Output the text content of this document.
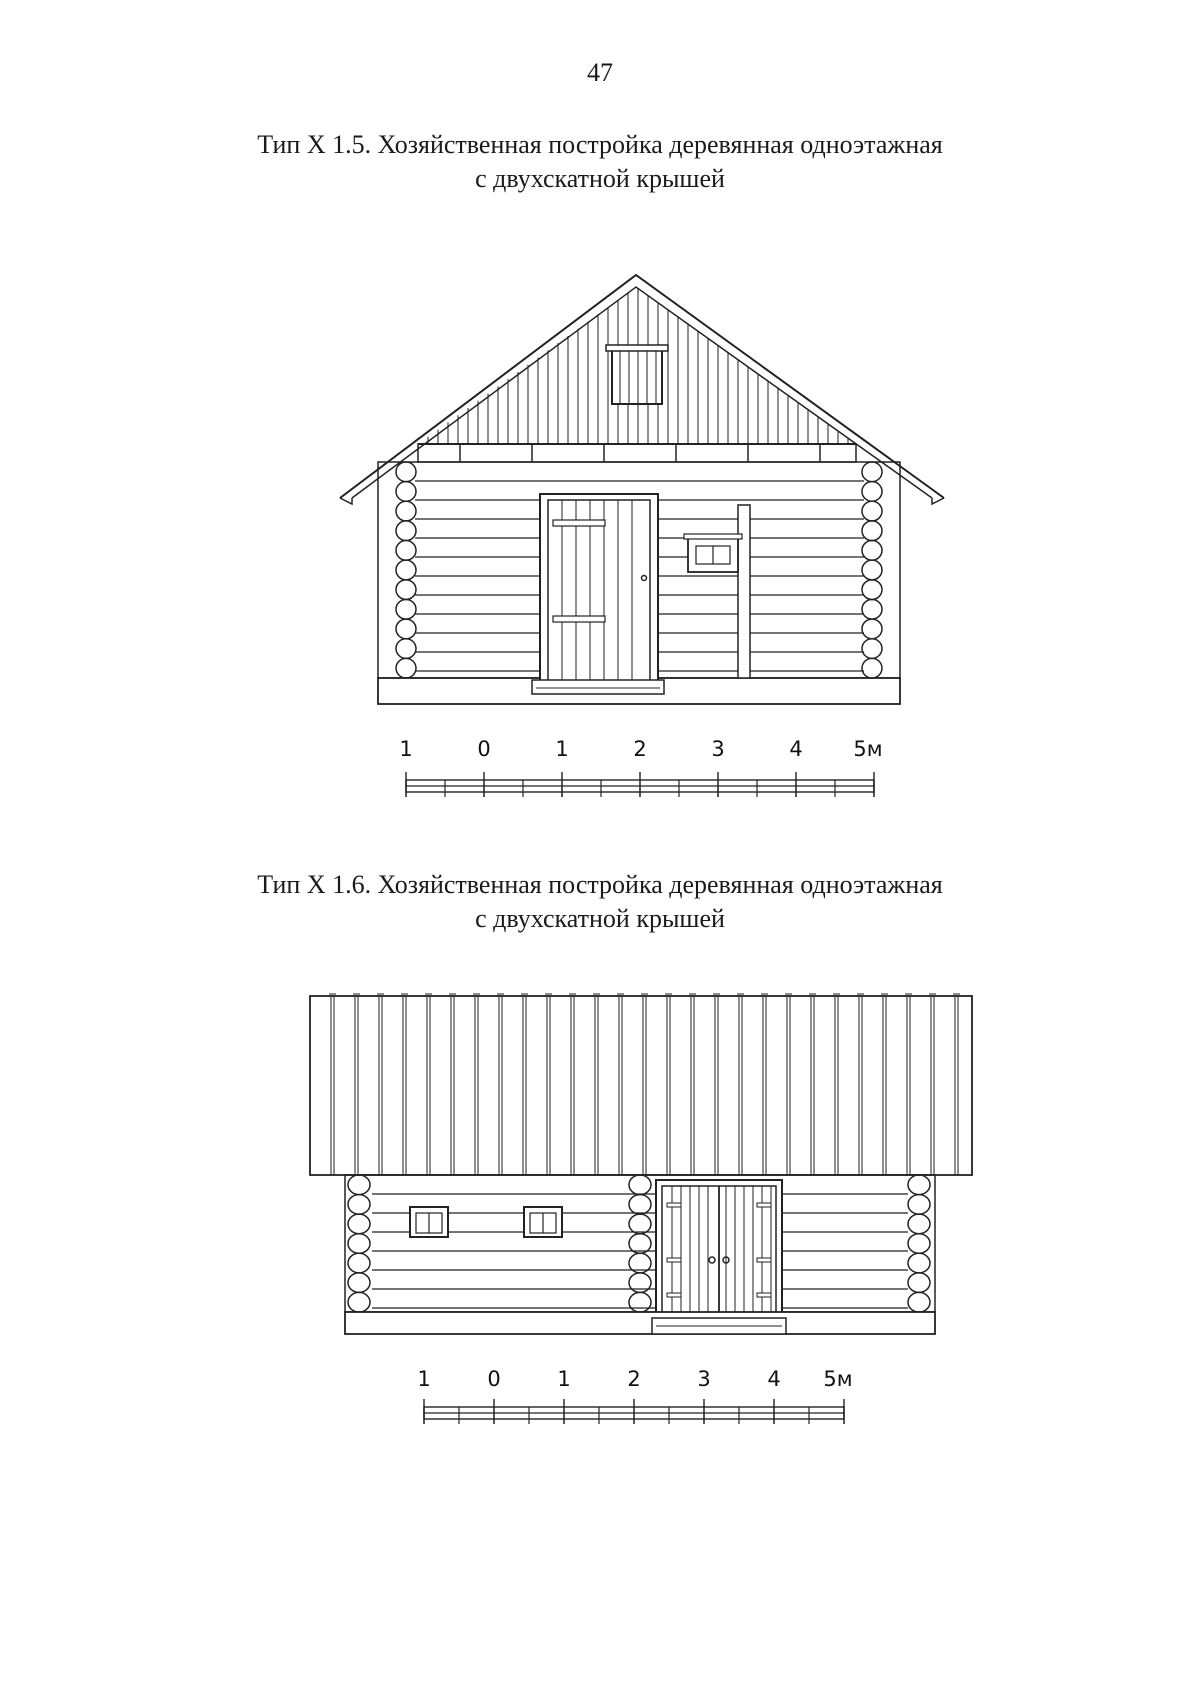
47
Тип Х 1.5. Хозяйственная постройка деревянная одноэтажная
с двухскатной крышей
Тип Х 1.6. Хозяйственная постройка деревянная одноэтажная
с двухскатной крышей
1	0	1	2	3	4 5м
1	0	1	2	3	4 5м
